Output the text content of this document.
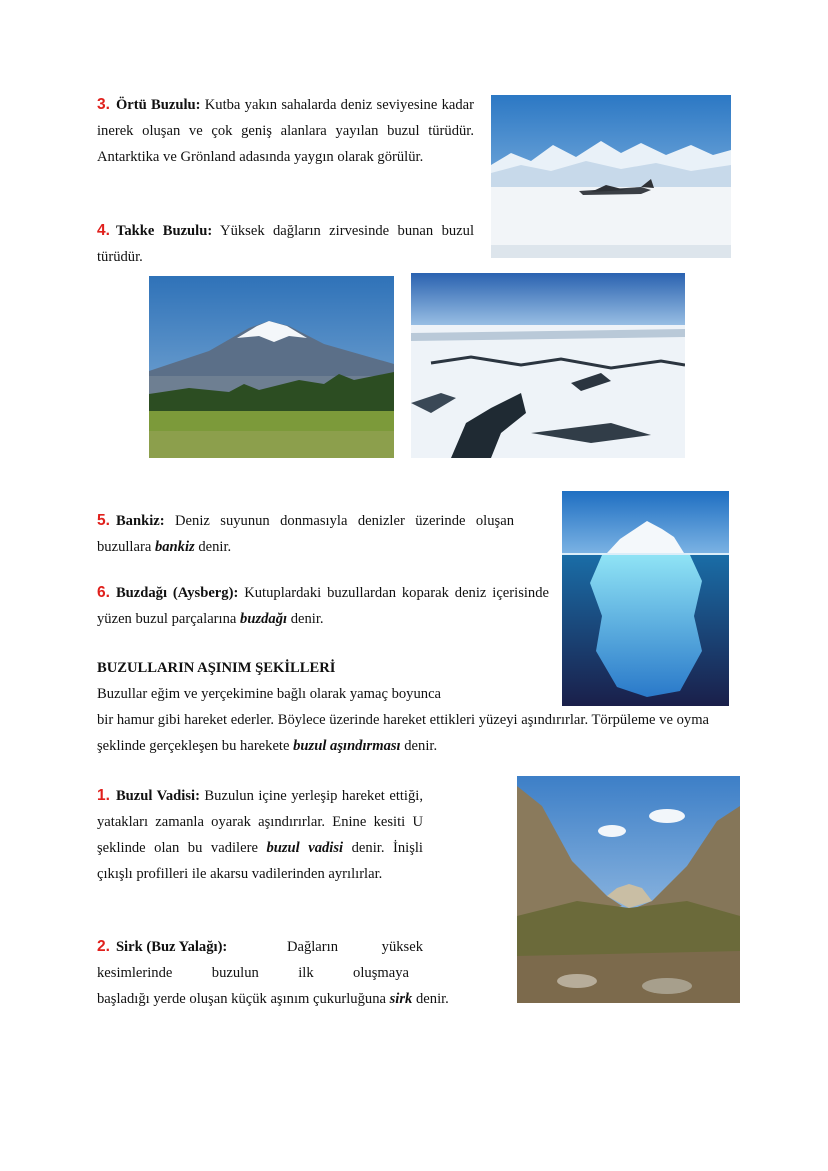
3. Örtü Buzulu: Kutba yakın sahalarda deniz seviyesine kadar inerek oluşan ve çok geniş alanlara yayılan buzul türüdür. Antarktika ve Grönland adasında yaygın olarak görülür.
4. Takke Buzulu: Yüksek dağların zirvesinde bunan buzul türüdür.
5. Bankiz: Deniz suyunun donmasıyla denizler üzerinde oluşan buzullara bankiz denir.
6. Buzdağı (Aysberg): Kutuplardaki buzullardan koparak deniz içerisinde yüzen buzul parçalarına buzdağı denir.
BUZULLARIN AŞINIM ŞEKİLLERİ
Buzullar eğim ve yerçekimine bağlı olarak yamaç boyunca
bir hamur gibi hareket ederler. Böylece üzerinde hareket ettikleri yüzeyi aşındırırlar. Törpüleme ve oyma
şeklinde gerçekleşen bu harekete buzul aşındırması denir.
1. Buzul Vadisi: Buzulun içine yerleşip hareket ettiği, yatakları zamanla oyarak aşındırırlar. Enine kesiti U şeklinde olan bu vadilere buzul vadisi denir. İnişli çıkışlı profilleri ile akarsu vadilerinden ayrılırlar.
2. Sirk (Buz Yalağı):	Dağların yüksek
kesimlerinde	buzulun	ilk	oluşmaya
başladığı yerde oluşan küçük aşınım çukurluğuna sirk denir.
